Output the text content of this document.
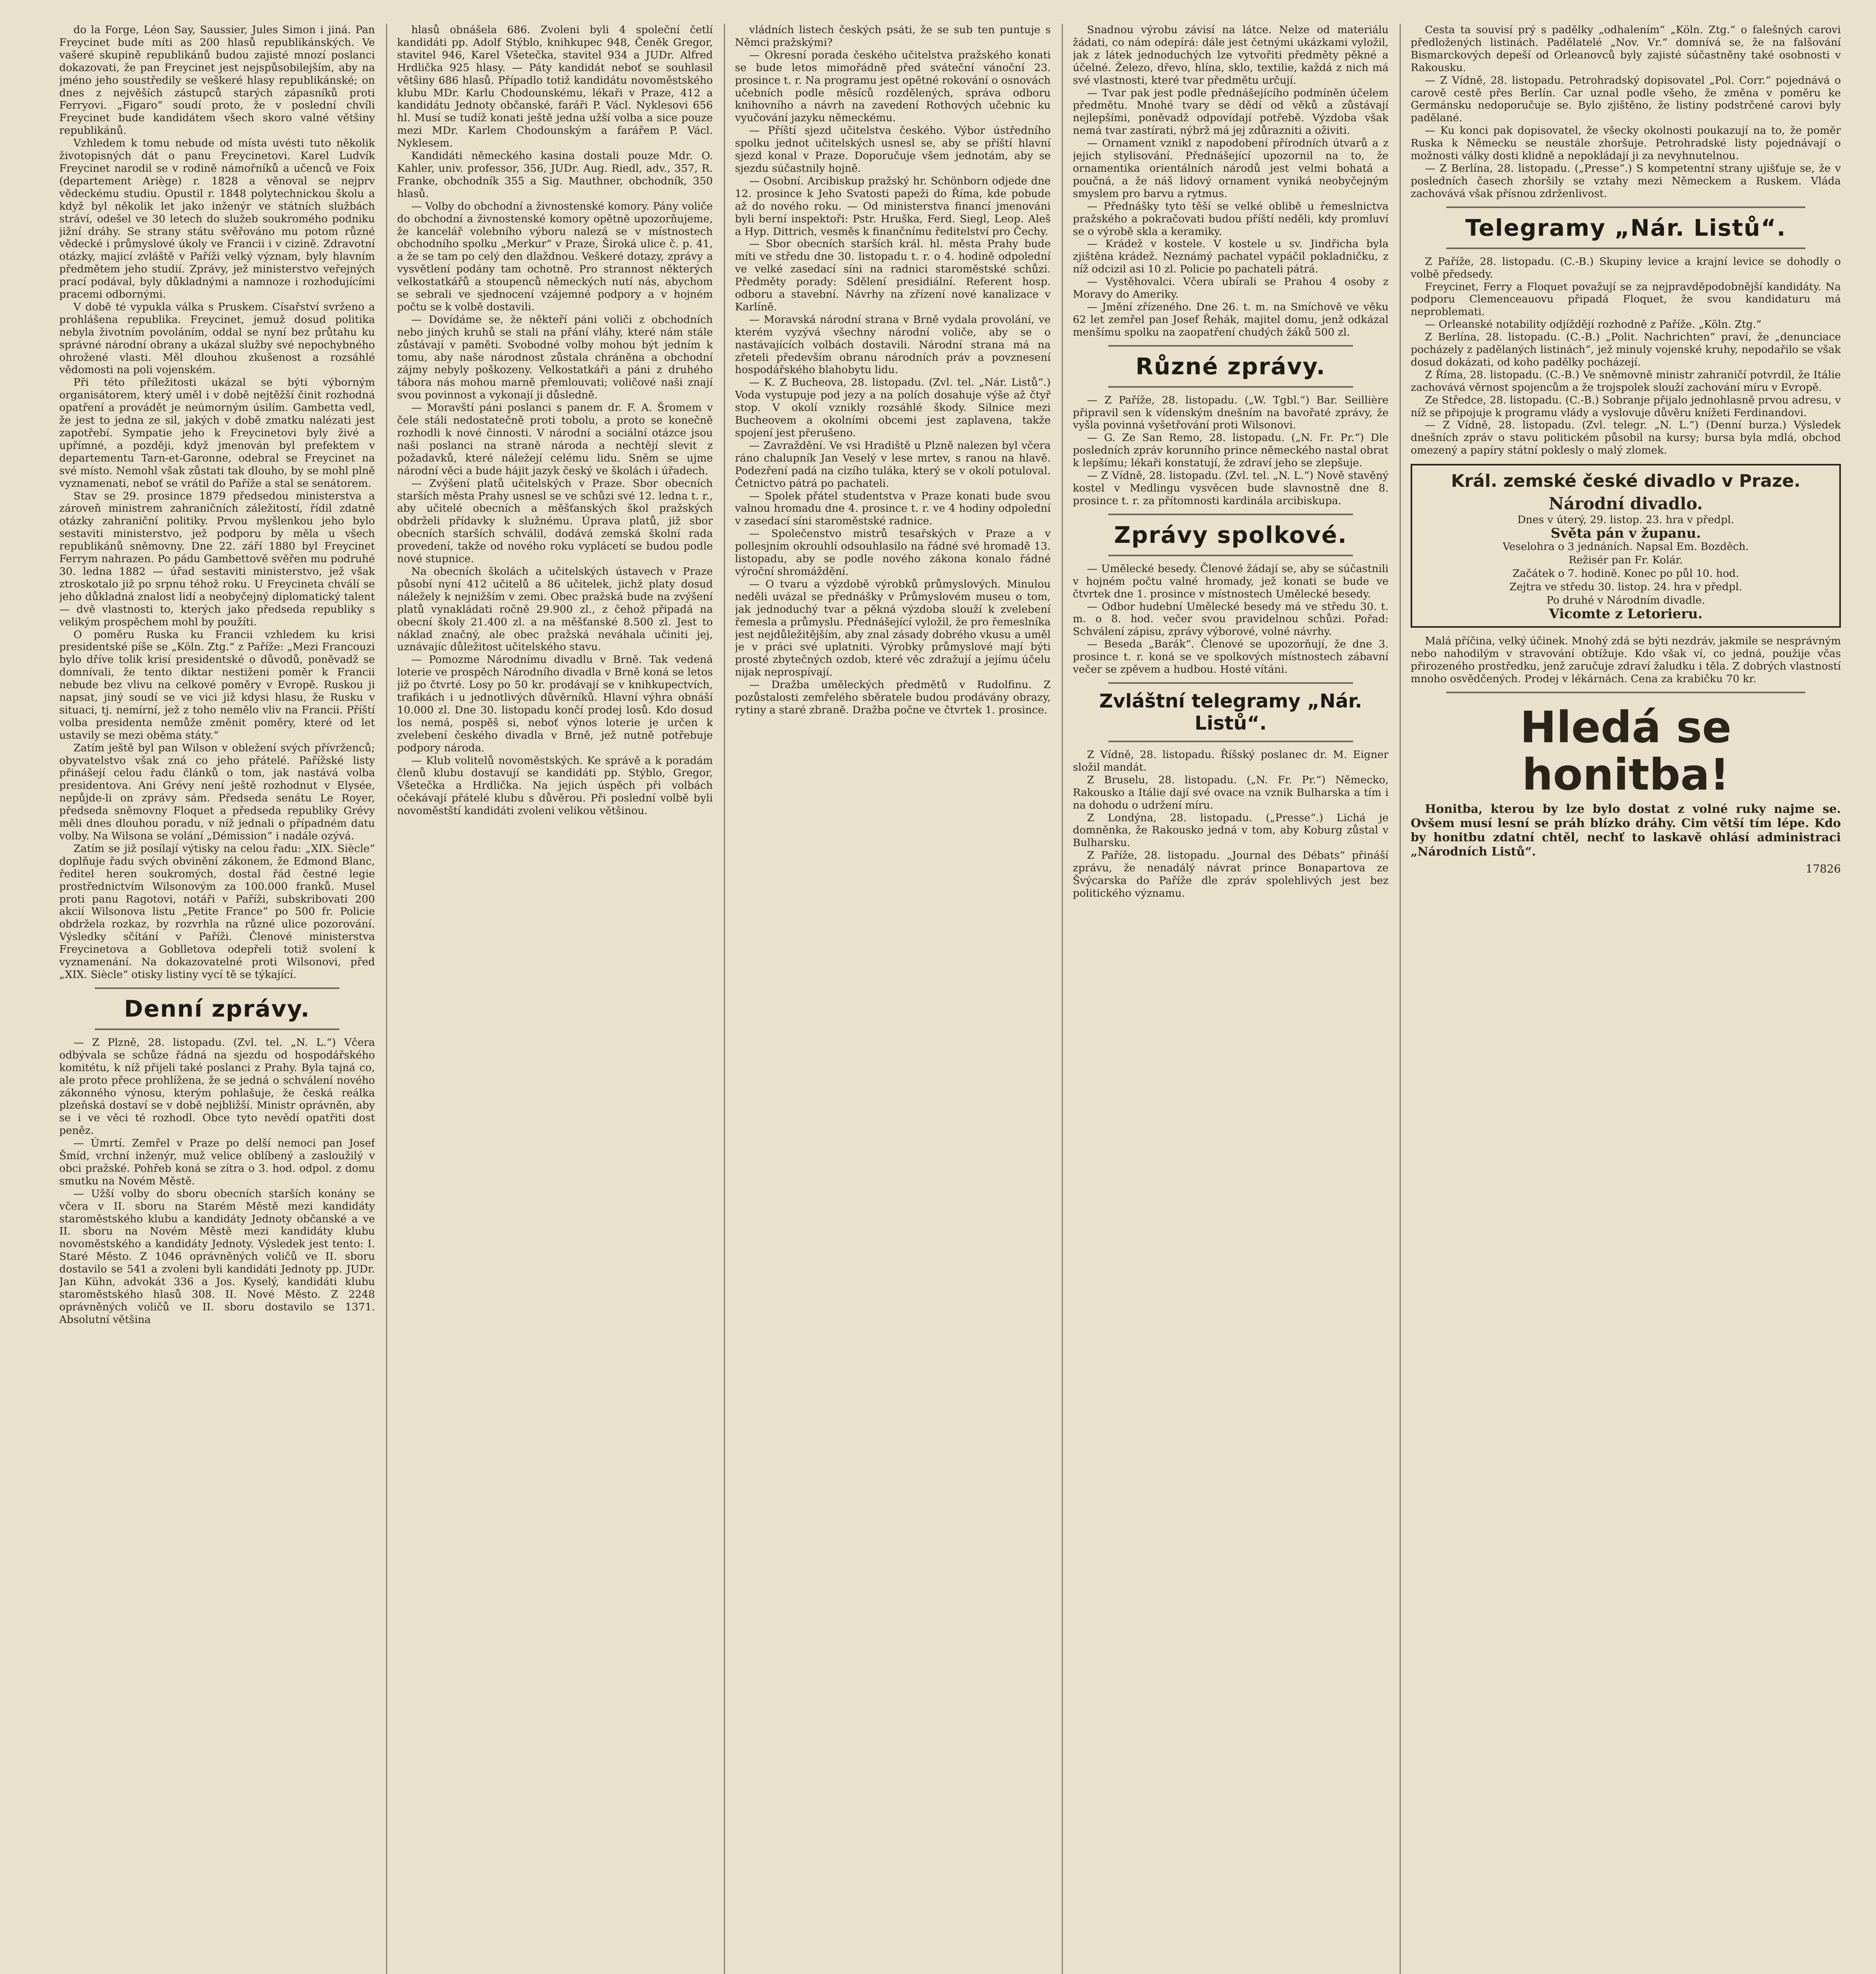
do la Forge, Léon Say, Saussier, Jules Simon i jiná. Pan Freycinet bude míti as 200 hlasů republikánských. Ve vašeré skupině republikánů budou zajisté mnozí poslanci dokazovati, že pan Freycinet jest nejspůsobilejším, aby na jméno jeho soustředily se veškeré hlasy republikánské; on dnes z nejvěších zástupců starých zápasníků proti Ferryovi. „Figaro“ soudí proto, že v poslední chvíli Freycinet bude kandidátem všech skoro valné většiny republikánů.

Vzhledem k tomu nebude od místa uvésti tuto několik životopisných dát o panu Freycinetovi. Karel Ludvík Freycinet narodil se v rodině námořníků a učenců ve Foix (departement Ariège) r. 1828 a věnoval se nejprv vědeckému studiu. Opustil r. 1848 polytechnickou školu a když byl několik let jako inženýr ve státních službách stráví, odešel ve 30 letech do služeb soukromého podniku jižní dráhy. Se strany státu svěřováno mu potom různé vědecké i průmyslové úkoly ve Francii i v cizině. Zdravotní otázky, majicí zvláště v Paříži velký význam, byly hlavním předmětem jeho studií. Zprávy, jež ministerstvo veřejných prací podával, byly důkladnými a namnoze i rozhodujícími pracemi odbornými.

V době té vypukla válka s Pruskem. Císařství svrženo a prohlášena republika. Freycinet, jemuž dosud politika nebyla životním povoláním, oddal se nyní bez průtahu ku správné národní obrany a ukázal služby své nepochybného ohrožené vlasti. Měl dlouhou zkušenost a rozsáhlé vědomosti na poli vojenském.

Při této příležitosti ukázal se býti výborným organisátorem, který uměl i v době nejtěžší činit rozhodná opatření a provádět je neúmorným úsilím. Gambetta vedl, že jest to jedna ze sil, jakých v době zmatku nalézati jest zapotřebí. Sympatie jeho k Freycinetovi byly živé a upřímné, a později, když jmenován byl prefektem v departementu Tarn-et-Garonne, odebral se Freycinet na své místo. Nemohl však zůstati tak dlouho, by se mohl plně vyznamenati, neboť se vrátil do Paříže a stal se senátorem.

Stav se 29. prosince 1879 předsedou ministerstva a zároveň ministrem zahraničních záležitostí, řídil zdatně otázky zahraniční politiky. Prvou myšlenkou jeho bylo sestaviti ministerstvo, jež podporu by měla u všech republikánů sněmovny. Dne 22. září 1880 byl Freycinet Ferrym nahrazen. Po pádu Gambettově svěřen mu podruhé 30. ledna 1882 — úřad sestaviti ministerstvo, jež však ztroskotalo již po srpnu téhož roku. U Freycineta chválí se jeho důkladná znalost lidí a neobyčejný diplomatický talent — dvě vlastnosti to, kterých jako předseda republiky s velikým prospěchem mohl by použíti.

O poměru Ruska ku Francii vzhledem ku krisi presidentské píše se „Köln. Ztg.“ z Paříže: „Mezi Francouzi bylo dříve tolik krisí presidentské o důvodů, poněvadž se domnívali, že tento diktar nestiženi poměr k Francii nebude bez vlivu na celkové poměry v Evropě. Ruskou ji napsat, jiný soudí se ve vici již kdysi hlasu, že Rusku v situaci, tj. nemírní, jež z toho nemělo vliv na Francii. Příští volba presidenta nemůže změnit poměry, které od let ustavily se mezi oběma státy.“

Zatím ještě byl pan Wilson v obležení svých přívrženců; obyvatelstvo však zná co jeho přátelé. Pařížské listy přinášejí celou řadu článků o tom, jak nastává volba presidentova. Ani Grévy není ještě rozhodnut v Elysée, nepůjde-li on zprávy sám. Předseda senátu Le Royer, předseda sněmovny Floquet a předseda republiky Grévy měli dnes dlouhou poradu, v níž jednali o případném datu volby. Na Wilsona se volání „Démission“ i nadále ozývá.

Zatím se již posílají výtisky na celou řadu: „XIX. Siècle“ doplňuje řadu svých obvinění zákonem, že Edmond Blanc, ředitel heren soukromých, dostal řád čestné legie prostřednictvím Wilsonovým za 100.000 franků. Musel proti panu Ragotovi, notáři v Paříži, subskribovati 200 akcií Wilsonova listu „Petite France“ po 500 fr. Policie obdržela rozkaz, by rozvrhla na různé ulice pozorování. Výsledky sčítání v Paříži. Členové ministerstva Freycinetova a Goblletova odepřeli totiž svolení k vyznamenání. Na dokazovatelné proti Wilsonovi, před „XIX. Siècle“ otisky listiny vycí tě se týkající.

Denní zprávy.

— Z Plzně, 28. listopadu. (Zvl. tel. „N. L.“) Včera odbývala se schůze řádná na sjezdu od hospodářského komitétu, k níž přijeli také poslanci z Prahy. Byla tajná co, ale proto přece prohlížena, že se jedná o schválení nového zákonného výnosu, kterým pohlašuje, že česká reálka plzeňská dostaví se v době nejbližší. Ministr oprávněn, aby se i ve věci té rozhodl. Obce tyto nevědí opatřiti dost peněz.

— Úmrtí. Zemřel v Praze po delší nemoci pan Josef Šmíd, vrchní inženýr, muž velice oblíbený a zasloužilý v obci pražské. Pohřeb koná se zítra o 3. hod. odpol. z domu smutku na Novém Městě.

— Užší volby do sboru obecních starších konány se včera v II. sboru na Starém Městě mezi kandidáty staroměstského klubu a kandidáty Jednoty občanské a ve II. sboru na Novém Městě mezi kandidáty klubu novoměstského a kandidáty Jednoty. Výsledek jest tento: I. Staré Město. Z 1046 oprávněných voličů ve II. sboru dostavilo se 541 a zvoleni byli kandidáti Jednoty pp. JUDr. Jan Kühn, advokát 336 a Jos. Kyselý, kandidáti klubu staroměstského hlasů 308. II. Nové Město. Z 2248 oprávněných voličů ve II. sboru dostavilo se 1371. Absolutní většina

hlasů obnášela 686. Zvoleni byli 4 společní četlí kandidáti pp. Adolf Stýblo, knihkupec 948, Čeněk Gregor, stavitel 946, Karel Všetečka, stavitel 934 a JUDr. Alfred Hrdlička 925 hlasy. — Páty kandidát neboť se souhlasil většiny 686 hlasů. Případlo totiž kandidátu novoměstského klubu MDr. Karlu Chodounskému, lékaři v Praze, 412 a kandidátu Jednoty občanské, faráři P. Václ. Nyklesovi 656 hl. Musí se tudíž konati ještě jedna užší volba a sice pouze mezi MDr. Karlem Chodounským a farářem P. Václ. Nyklesem.

Kandidáti německého kasina dostali pouze Mdr. O. Kahler, univ. professor, 356, JUDr. Aug. Riedl, adv., 357, R. Franke, obchodník 355 a Sig. Mauthner, obchodník, 350 hlasů.

— Volby do obchodní a živnostenské komory. Pány voliče do obchodní a živnostenské komory opětně upozorňujeme, že kancelář volebního výboru nalezá se v místnostech obchodního spolku „Merkur“ v Praze, Široká ulice č. p. 41, a že se tam po celý den dlaždnou. Veškeré dotazy, zprávy a vysvětlení podány tam ochotně. Pro strannost některých velkostatkářů a stoupenců německých nutí nás, abychom se sebrali ve sjednocení vzájemné podpory a v hojném počtu se k volbě dostavili.

— Dovídáme se, že někteří páni voliči z obchodních nebo jiných kruhů se stali na přání vláhy, které nám stále zůstávají v paměti. Svobodné volby mohou být jedním k tomu, aby naše národnost zůstala chráněna a obchodní zájmy nebyly poškozeny. Velkostatkáři a páni z druhého tábora nás mohou marně přemlouvati; voličové naši znají svou povinnost a vykonají ji důsledně.

— Moravští páni poslanci s panem dr. F. A. Šromem v čele stáli nedostatečně proti tobolu, a proto se konečně rozhodli k nové činnosti. V národní a sociální otázce jsou naši poslanci na straně národa a nechtějí slevit z požadavků, které náležejí celému lidu. Sněm se ujme národní věci a bude hájit jazyk český ve školách i úřadech.

— Zvýšení platů učitelských v Praze. Sbor obecních starších města Prahy usnesl se ve schůzi své 12. ledna t. r., aby učitelé obecních a měšťanských škol pražských obdrželi přídavky k služnému. Úprava platů, již sbor obecních starších schválil, dodává zemská školní rada provedení, takže od nového roku vyplácetí se budou podle nové stupnice.

Na obecních školách a učitelských ústavech v Praze působí nyní 412 učitelů a 86 učitelek, jichž platy dosud náležely k nejnižším v zemi. Obec pražská bude na zvýšení platů vynakládati ročně 29.900 zl., z čehož připadá na obecní školy 21.400 zl. a na měšťanské 8.500 zl. Jest to náklad značný, ale obec pražská neváhala učiniti jej, uznávajíc důležitost učitelského stavu.

— Pomozme Národnímu divadlu v Brně. Tak vedená loterie ve prospěch Národního divadla v Brně koná se letos již po čtvrté. Losy po 50 kr. prodávají se v knihkupectvích, trafikách i u jednotlivých důvěrníků. Hlavní výhra obnáší 10.000 zl. Dne 30. listopadu končí prodej losů. Kdo dosud los nemá, pospěš si, neboť výnos loterie je určen k zvelebení českého divadla v Brně, jež nutně potřebuje podpory národa.

— Klub volitelů novoměstských. Ke správě a k poradám členů klubu dostavují se kandidáti pp. Stýblo, Gregor, Všetečka a Hrdlička. Na jejich úspěch při volbách očekávají přátelé klubu s důvěrou. Při poslední volbě byli novoměstští kandidáti zvoleni velikou většinou.

vládních listech českých psáti, že se sub ten puntuje s Němci pražskými?

— Okresní porada českého učitelstva pražského konati se bude letos mimořádně před sváteční vánoční 23. prosince t. r. Na programu jest opětné rokování o osnovách učebních podle měsíců rozdělených, správa odboru knihovního a návrh na zavedení Rothových učebnic ku vyučování jazyku německému.

— Příští sjezd učitelstva českého. Výbor ústředního spolku jednot učitelských usnesl se, aby se příští hlavní sjezd konal v Praze. Doporučuje všem jednotám, aby se sjezdu súčastnily hojně.

— Osobní. Arcibiskup pražský hr. Schönborn odjede dne 12. prosince k Jeho Svatosti papeži do Říma, kde pobude až do nového roku. — Od ministerstva financí jmenováni byli berní inspektoři: Pstr. Hruška, Ferd. Siegl, Leop. Aleš a Hyp. Dittrich, vesměs k finančnímu ředitelství pro Čechy.

— Sbor obecních starších král. hl. města Prahy bude míti ve středu dne 30. listopadu t. r. o 4. hodině odpolední ve velké zasedací síni na radnici staroměstské schůzi. Předměty porady: Sdělení presidiální. Referent hosp. odboru a stavební. Návrhy na zřízení nové kanalizace v Karlíně.

— Moravská národní strana v Brně vydala provolání, ve kterém vyzývá všechny národní voliče, aby se o nastávajících volbách dostavili. Národní strana má na zřeteli především obranu národních práv a povznesení hospodářského blahobytu lidu.

— K. Z Bucheova, 28. listopadu. (Zvl. tel. „Nár. Listů“.) Voda vystupuje pod jezy a na polích dosahuje výše až čtyř stop. V okolí vznikly rozsáhlé škody. Silnice mezi Bucheovem a okolními obcemi jest zaplavena, takže spojení jest přerušeno.

— Zavraždění. Ve vsi Hradiště u Plzně nalezen byl včera ráno chalupník Jan Veselý v lese mrtev, s ranou na hlavě. Podezření padá na cizího tuláka, který se v okolí potuloval. Četnictvo pátrá po pachateli.

— Spolek přátel studentstva v Praze konati bude svou valnou hromadu dne 4. prosince t. r. ve 4 hodiny odpolední v zasedací síni staroměstské radnice.

— Společenstvo mistrů tesařských v Praze a v pollesjním okrouhlí odsouhlasilo na řádné své hromadě 13. listopadu, aby se podle nového zákona konalo řádné výroční shromáždění.

— O tvaru a výzdobě výrobků průmyslových. Minulou neděli uvázal se přednášky v Průmyslovém museu o tom, jak jednoduchý tvar a pěkná výzdoba slouží k zvelebení řemesla a průmyslu. Přednášející vyložil, že pro řemeslníka jest nejdůležitějším, aby znal zásady dobrého vkusu a uměl je v práci své uplatniti. Výrobky průmyslové mají býti prosté zbytečných ozdob, které věc zdražují a jejímu účelu nijak neprospívají.

— Dražba uměleckých předmětů v Rudolfinu. Z pozůstalosti zemřelého sběratele budou prodávány obrazy, rytiny a staré zbraně. Dražba počne ve čtvrtek 1. prosince.

Snadnou výrobu závisí na látce. Nelze od materiálu žádati, co nám odepírá: dále jest četnými ukázkami vyložil, jak z látek jednoduchých lze vytvořiti předměty pěkné a účelné. Železo, dřevo, hlína, sklo, textilie, každá z nich má své vlastnosti, které tvar předmětu určují.

— Tvar pak jest podle přednášejícího podmíněn účelem předmětu. Mnohé tvary se dědí od věků a zůstávají nejlepšími, poněvadž odpovídají potřebě. Výzdoba však nemá tvar zastírati, nýbrž má jej zdůrazniti a oživiti.

— Ornament vznikl z napodobení přírodních útvarů a z jejich stylisování. Přednášející upozornil na to, že ornamentika orientálních národů jest velmi bohatá a poučná, a že náš lidový ornament vyniká neobyčejným smyslem pro barvu a rytmus.

— Přednášky tyto těší se velké oblibě u řemeslnictva pražského a pokračovati budou příští neděli, kdy promluví se o výrobě skla a keramiky.

— Krádež v kostele. V kostele u sv. Jindřicha byla zjištěna krádež. Neznámý pachatel vypáčil pokladničku, z níž odcizil asi 10 zl. Policie po pachateli pátrá.

— Vystěhovalci. Včera ubírali se Prahou 4 osoby z Moravy do Ameriky.

— Jmění zřízeného. Dne 26. t. m. na Smíchově ve věku 62 let zemřel pan Josef Řehák, majitel domu, jenž odkázal menšímu spolku na zaopatření chudých žáků 500 zl.

Různé zprávy.

— Z Paříže, 28. listopadu. („W. Tgbl.“) Bar. Seillière připravil sen k vídenským dnešním na bavořaté zprávy, že vyšla povinná vyšetřování proti Wilsonovi.

— G. Ze San Remo, 28. listopadu. („N. Fr. Pr.“) Dle posledních zpráv korunního prince německého nastal obrat k lepšímu; lékaři konstatují, že zdraví jeho se zlepšuje.

— Z Vídně, 28. listopadu. (Zvl. tel. „N. L.“) Nově stavěný kostel v Medlingu vysvěcen bude slavnostně dne 8. prosince t. r. za přítomnosti kardinála arcibiskupa.

Zprávy spolkové.

— Umělecké besedy. Členové žádají se, aby se súčastnili v hojném počtu valné hromady, jež konati se bude ve čtvrtek dne 1. prosince v místnostech Umělecké besedy.

— Odbor hudební Umělecké besedy má ve středu 30. t. m. o 8. hod. večer svou pravidelnou schůzi. Pořad: Schválení zápisu, zprávy výborové, volné návrhy.

— Beseda „Barák“. Členové se upozorňují, že dne 3. prosince t. r. koná se ve spolkových místnostech zábavní večer se zpěvem a hudbou. Hosté vítáni.

Zvláštní telegramy „Nár. Listů“.

Z Vídně, 28. listopadu. Říšský poslanec dr. M. Eigner složil mandát.

Z Bruselu, 28. listopadu. („N. Fr. Pr.“) Německo, Rakousko a Itálie dají své ovace na vznik Bulharska a tím i na dohodu o udržení míru.

Z Londýna, 28. listopadu. („Presse“.) Lichá je domněnka, že Rakousko jedná v tom, aby Koburg zůstal v Bulharsku.

Z Paříže, 28. listopadu. „Journal des Débats“ přináší zprávu, že nenadálý návrat prince Bonapartova ze Švýcarska do Paříže dle zpráv spolehlivých jest bez politického významu.

Cesta ta souvisí prý s padělky „odhalením“ „Köln. Ztg.“ o falešných carovi předložených listinách. Padělatelé „Nov. Vr.“ domnívá se, že na falšování Bismarckových depeší od Orleanovců byly zajisté súčastněny také osobnosti v Rakousku.

— Z Vídně, 28. listopadu. Petrohradský dopisovatel „Pol. Corr.“ pojednává o carově cestě přes Berlín. Car uznal podle všeho, že změna v poměru ke Germánsku nedoporučuje se. Bylo zjištěno, že listiny podstrčené carovi byly padělané.

— Ku konci pak dopisovatel, že všecky okolnosti poukazují na to, že poměr Ruska k Německu se neustále zhoršuje. Petrohradské listy pojednávají o možnosti války dosti klidně a nepokládají ji za nevyhnutelnou.

— Z Berlína, 28. listopadu. („Presse“.) S kompetentní strany ujišťuje se, že v posledních časech zhoršily se vztahy mezi Německem a Ruskem. Vláda zachovává však přísnou zdrženlivost.

Telegramy „Nár. Listů“.

Z Paříže, 28. listopadu. (C.-B.) Skupiny levice a krajní levice se dohodly o volbě předsedy.

Freycinet, Ferry a Floquet považují se za nejpravděpodobnější kandidáty. Na podporu Clemenceauovu připadá Floquet, že svou kandidaturu má neproblemati.

— Orleanské notability odjíždějí rozhodně z Paříže. „Köln. Ztg.“

Z Berlína, 28. listopadu. (C.-B.) „Polit. Nachrichten“ praví, že „denunciace pocházely z padělaných listinách“, jež minuly vojenské kruhy, nepodařilo se však dosud dokázati, od koho padělky pocházejí.

Z Říma, 28. listopadu. (C.-B.) Ve sněmovně ministr zahraničí potvrdil, že Itálie zachovává věrnost spojencům a že trojspolek slouží zachování míru v Evropě.

Ze Středce, 28. listopadu. (C.-B.) Sobranje přijalo jednohlasně prvou adresu, v níž se připojuje k programu vlády a vyslovuje důvěru knížeti Ferdinandovi.

— Z Vídně, 28. listopadu. (Zvl. telegr. „N. L.“) (Denní burza.) Výsledek dnešních zpráv o stavu politickém působil na kursy; bursa byla mdlá, obchod omezený a papíry státní poklesly o malý zlomek.

Král. zemské české divadlo v Praze.
Národní divadlo.
Dnes v úterý, 29. listop. 23. hra v předpl.
Světa pán v županu.
Veselohra o 3 jednáních. Napsal Em. Bozděch.
Režisér pan Fr. Kolár.
Začátek o 7. hodině. Konec po půl 10. hod.
Zejtra ve středu 30. listop. 24. hra v předpl.
Po druhé v Národním divadle.
Vicomte z Letorieru.

Malá příčina, velký účinek. Mnohý zdá se býti nezdráv, jakmile se nesprávným nebo nahodilým v stravování obtížuje. Kdo však ví, co jedná, použije včas přirozeného prostředku, jenž zaručuje zdraví žaludku i těla. Z dobrých vlastností mnoho osvědčených. Prodej v lékárnách. Cena za krabičku 70 kr.

Hledá se honitba!

Honitba, kterou by lze bylo dostat z volné ruky najme se. Ovšem musí lesní se práh blízko dráhy. Cim větší tím lépe. Kdo by honitbu zdatní chtěl, nechť to laskavě ohlásí administraci „Národních Listů“.

17826
